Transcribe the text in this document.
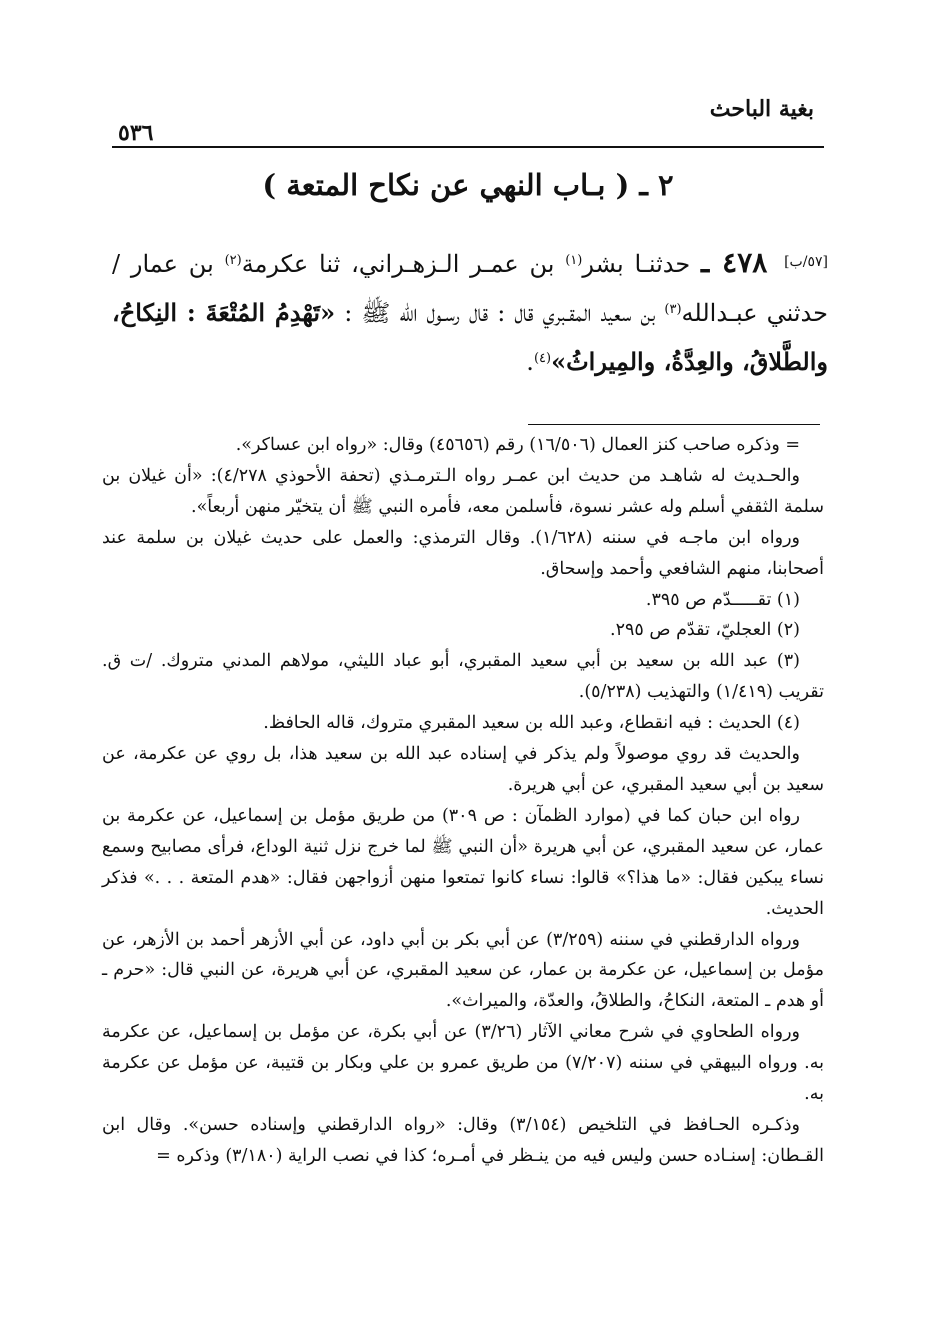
بغية الباحث
٥٣٦
٢ ـ ( بـاب النهي عن نكاح المتعة )
[٥٧/ب] ٤٧٨ ـ حدثنـا بشر$^{(١)}$ بن عمـر الـزهـراني، ثنا عكرمة$^{(٢)}$ بن عمار / حدثني عبـدالله$^{(٣)}$ بن سعيد المقـبري قال : قال رسـول الله ﷺ : «تَهْدِمُ المُتْعَةَ : النِكاحُ، والطَّلاقُ، والعِدَّةُ، والمِيراثُ»$^{(٤)}$.

= وذكره صاحب كنز العمال (١٦/٥٠٦) رقم (٤٥٦٥٦) وقال: «رواه ابن عساكر».

والحـديث له شاهـد من حديث ابن عمـر رواه الـترمـذي (تحفة الأحوذي ٤/٢٧٨): «أن غيلان بن سلمة الثقفي أسلم وله عشر نسوة، فأسلمن معه، فأمره النبي ﷺ أن يتخيّر منهن أربعاً».

ورواه ابن ماجـه في سننه (١/٦٢٨). وقال الترمذي: والعمل على حديث غيلان بن سلمة عند أصحابنا، منهم الشافعي وأحمد وإسحاق.

(١) تقـــــدّم ص ٣٩٥.

(٢) العجليّ، تقدّم ص ٢٩٥.

(٣) عبد الله بن سعيد بن أبي سعيد المقبري، أبو عباد الليثي، مولاهم المدني متروك. /ت ق. تقريب (١/٤١٩) والتهذيب (٥/٢٣٨).

(٤) الحديث : فيه انقطاع، وعبد الله بن سعيد المقبري متروك، قاله الحافظ.

والحديث قد روي موصولاً ولم يذكر في إسناده عبد الله بن سعيد هذا، بل روي عن عكرمة، عن سعيد بن أبي سعيد المقبري، عن أبي هريرة.

رواه ابن حبان كما في (موارد الظمآن : ص ٣٠٩) من طريق مؤمل بن إسماعيل، عن عكرمة بن عمار، عن سعيد المقبري، عن أبي هريرة «أن النبي ﷺ لما خرج نزل ثنية الوداع، فرأى مصابيح وسمع نساء يبكين فقال: «ما هذا؟» قالوا: نساء كانوا تمتعوا منهن أزواجهن فقال: «هدم المتعة . . .» فذكر الحديث.

ورواه الدارقطني في سننه (٣/٢٥٩) عن أبي بكر بن أبي داود، عن أبي الأزهر أحمد بن الأزهر، عن مؤمل بن إسماعيل، عن عكرمة بن عمار، عن سعيد المقبري، عن أبي هريرة، عن النبي قال: «حرم ـ أو هدم ـ المتعة، النكاحُ، والطلاقُ، والعدّة، والميراث».

ورواه الطحاوي في شرح معاني الآثار (٣/٢٦) عن أبي بكرة، عن مؤمل بن إسماعيل، عن عكرمة به. ورواه البيهقي في سننه (٧/٢٠٧) من طريق عمرو بن علي وبكار بن قتيبة، عن مؤمل عن عكرمة به.

وذكـره الحـافظ في التلخيص (٣/١٥٤) وقال: «رواه الدارقطني وإسناده حسن». وقال ابن القـطان: إسنـاده حسن وليس فيه من ينـظر في أمـره؛ كذا في نصب الراية (٣/١٨٠) وذكره =
